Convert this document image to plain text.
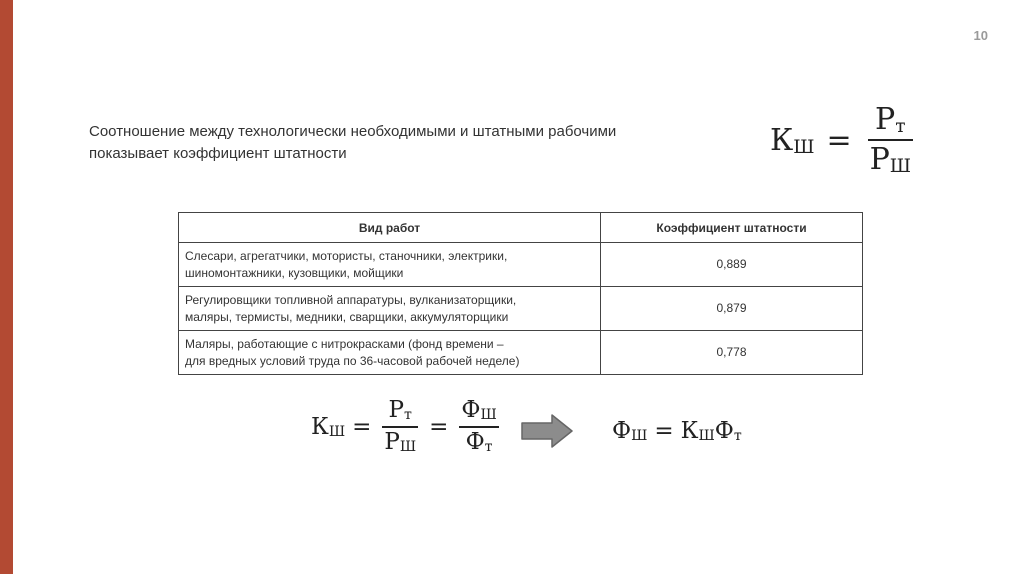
10
Соотношение между технологически необходимыми и штатными рабочими
показывает коэффициент штатности	$К_Ш = \frac{Р_т}{Р_Ш}$
Вид работ	Коэффициент штатности

Слесари, агрегатчики, мотористы, станочники, электрики,
шиномонтажники, кузовщики, мойщики	0,889

Регулировщики топливной аппаратуры, вулканизаторщики,
маляры, термисты, медники, сварщики, аккумуляторщики	0,879

Маляры, работающие с нитрокрасками (фонд времени –
для вредных условий труда по 36-часовой рабочей неделе)	0,778
$К_Ш = \frac{Р_т}{Р_Ш} = \frac{Ф_Ш}{Ф_т}$	$Ф_Ш = К_ШФ_т$
